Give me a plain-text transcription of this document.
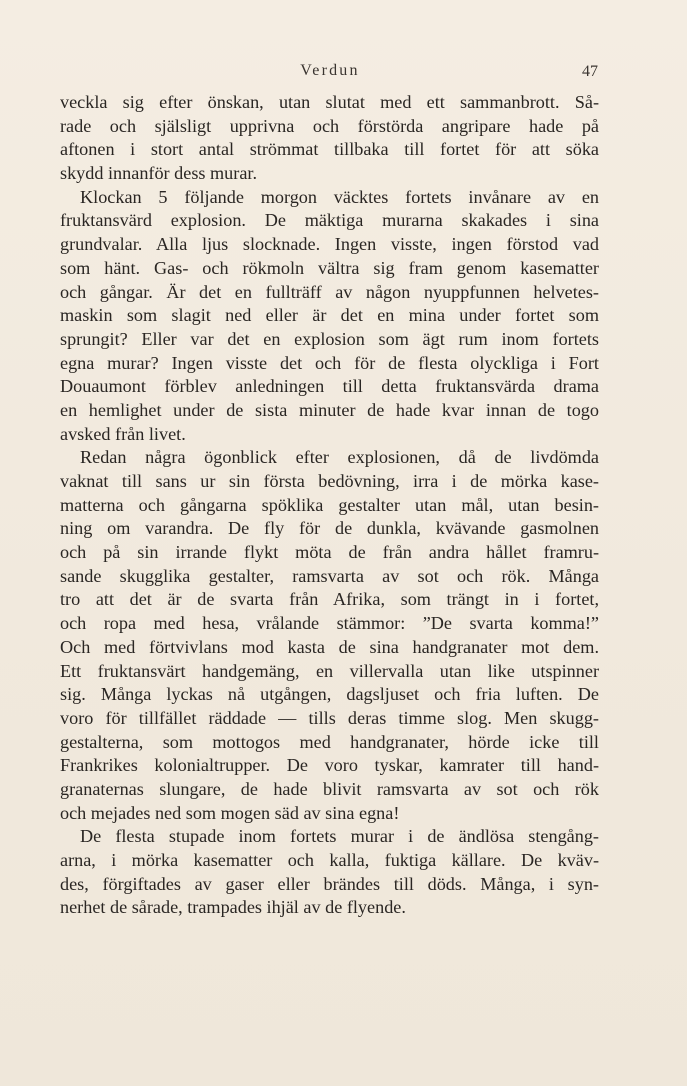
Verdun	47
veckla sig efter önskan, utan slutat med ett sammanbrott. Så-
rade och själsligt upprivna och förstörda angripare hade på
aftonen i stort antal strömmat tillbaka till fortet för att söka
skydd innanför dess murar.
Klockan 5 följande morgon väcktes fortets invånare av en
fruktansvärd explosion. De mäktiga murarna skakades i sina
grundvalar. Alla ljus slocknade. Ingen visste, ingen förstod vad
som hänt. Gas- och rökmoln vältra sig fram genom kasematter
och gångar. Är det en fullträff av någon nyuppfunnen helvetes-
maskin som slagit ned eller är det en mina under fortet som
sprungit? Eller var det en explosion som ägt rum inom fortets
egna murar? Ingen visste det och för de flesta olyckliga i Fort
Douaumont förblev anledningen till detta fruktansvärda drama
en hemlighet under de sista minuter de hade kvar innan de togo
avsked från livet.
Redan några ögonblick efter explosionen, då de livdömda
vaknat till sans ur sin första bedövning, irra i de mörka kase-
matterna och gångarna spöklika gestalter utan mål, utan besin-
ning om varandra. De fly för de dunkla, kvävande gasmolnen
och på sin irrande flykt möta de från andra hållet framru-
sande skugglika gestalter, ramsvarta av sot och rök. Många
tro att det är de svarta från Afrika, som trängt in i fortet,
och ropa med hesa, vrålande stämmor: ”De svarta komma!”
Och med förtvivlans mod kasta de sina handgranater mot dem.
Ett fruktansvärt handgemäng, en villervalla utan like utspinner
sig. Många lyckas nå utgången, dagsljuset och fria luften. De
voro för tillfället räddade — tills deras timme slog. Men skugg-
gestalterna, som mottogos med handgranater, hörde icke till
Frankrikes kolonialtrupper. De voro tyskar, kamrater till hand-
granaternas slungare, de hade blivit ramsvarta av sot och rök
och mejades ned som mogen säd av sina egna!
De flesta stupade inom fortets murar i de ändlösa stengång-
arna, i mörka kasematter och kalla, fuktiga källare. De kväv-
des, förgiftades av gaser eller brändes till döds. Många, i syn-
nerhet de sårade, trampades ihjäl av de flyende.
